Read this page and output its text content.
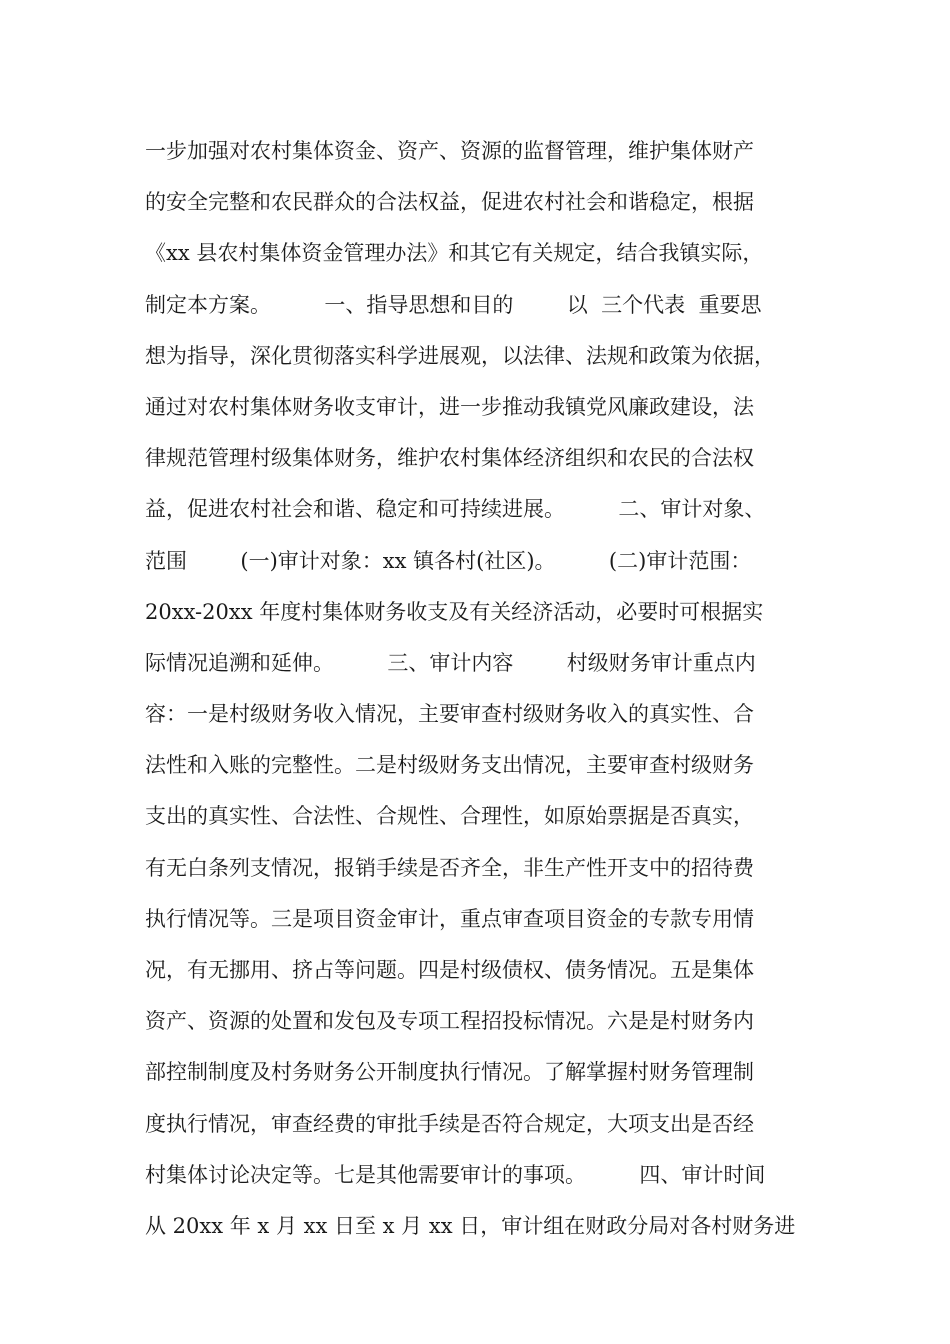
一步加强对农村集体资金、资产、资源的监督管理，维护集体财产
的安全完整和农民群众的合法权益，促进农村社会和谐稳定，根据
《xx 县农村集体资金管理办法》和其它有关规定，结合我镇实际，
制定本方案。        一、指导思想和目的        以  三个代表  重要思
想为指导，深化贯彻落实科学进展观，以法律、法规和政策为依据，
通过对农村集体财务收支审计，进一步推动我镇党风廉政建设，法
律规范管理村级集体财务，维护农村集体经济组织和农民的合法权
益，促进农村社会和谐、稳定和可持续进展。        二、审计对象、
范围        (一)审计对象：xx 镇各村(社区)。        (二)审计范围：
20xx-20xx 年度村集体财务收支及有关经济活动，必要时可根据实
际情况追溯和延伸。        三、审计内容        村级财务审计重点内
容：一是村级财务收入情况，主要审查村级财务收入的真实性、合
法性和入账的完整性。二是村级财务支出情况，主要审查村级财务
支出的真实性、合法性、合规性、合理性，如原始票据是否真实，
有无白条列支情况，报销手续是否齐全，非生产性开支中的招待费
执行情况等。三是项目资金审计，重点审查项目资金的专款专用情
况，有无挪用、挤占等问题。四是村级债权、债务情况。五是集体
资产、资源的处置和发包及专项工程招投标情况。六是是村财务内
部控制制度及村务财务公开制度执行情况。了解掌握村财务管理制
度执行情况，审查经费的审批手续是否符合规定，大项支出是否经
村集体讨论决定等。七是其他需要审计的事项。        四、审计时间
从 20xx 年 x 月 xx 日至 x 月 xx 日，审计组在财政分局对各村财务进
